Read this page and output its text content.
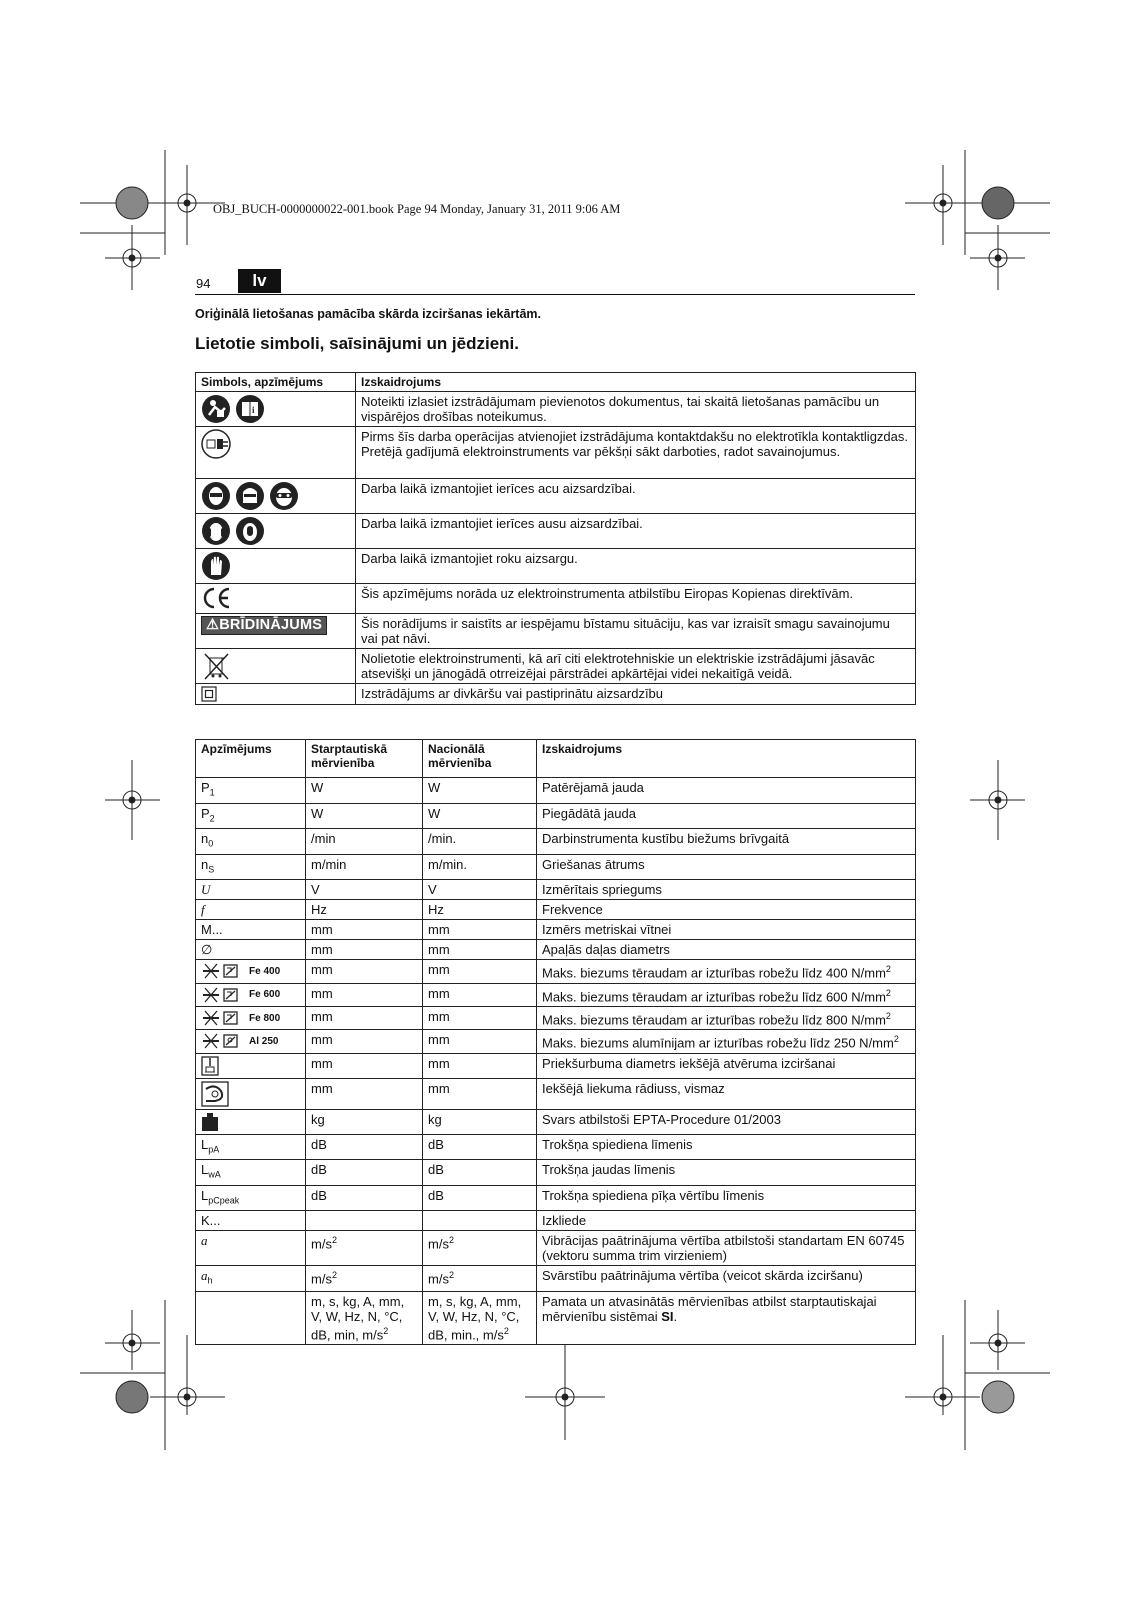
OBJ_BUCH-0000000022-001.book Page 94 Monday, January 31, 2011 9:06 AM
94	lv
Oriģinālā lietošanas pamācība skārda izciršanas iekārtām.
Lietotie simboli, saīsinājumi un jēdzieni.
Simbols, apzīmējums	Izskaidrojums

i	Noteikti izlasiet izstrādājumam pievienotos dokumentus, tai skaitā lietošanas pamācību un vispārējos drošības noteikumus.

	Pirms šīs darba operācijas atvienojiet izstrādājuma kontaktdakšu no elektrotīkla kontaktligzdas. Pretējā gadījumā elektroinstruments var pēkšņi sākt darboties, radot savainojumus.

	Darba laikā izmantojiet ierīces acu aizsardzībai.

	Darba laikā izmantojiet ierīces ausu aizsardzībai.

	Darba laikā izmantojiet roku aizsargu.

	Šis apzīmējums norāda uz elektroinstrumenta atbilstību Eiropas Kopienas direktīvām.
⚠BRĪDINĀJUMS	Šis norādījums ir saistīts ar iespējamu bīstamu situāciju, kas var izraisīt smagu savainojumu vai pat nāvi.

	Nolietotie elektroinstrumenti, kā arī citi elektrotehniskie un elektriskie izstrādājumi jāsavāc atsevišķi un jānogādā otrreizējai pārstrādei apkārtējai videi nekaitīgā veidā.

	Izstrādājums ar divkāršu vai pastiprinātu aizsardzību
Apzīmējums	Starptautiskā mērvienība	Nacionālā mērvienība	Izskaidrojums
$P_1$	W	W	Patērējamā jauda
$P_2$	W	W	Piegādātā jauda
$n_0$	/min	/min.	Darbinstrumenta kustību biežums brīvgaitā
$n_S$	m/min	m/min.	Griešanas ātrums
U	V	V	Izmērītais spriegums
f	Hz	Hz	Frekvence
M...	mm	mm	Izmērs metriskai vītnei
∅	mm	mm	Apaļās daļas diametrs

Fe 400	mm	mm	Maks. biezums tēraudam ar izturības robežu līdz 400 $N/mm^2$

Fe 600	mm	mm	Maks. biezums tēraudam ar izturības robežu līdz 600 $N/mm^2$

Fe 800	mm	mm	Maks. biezums tēraudam ar izturības robežu līdz 800 $N/mm^2$

Al 250	mm	mm	Maks. biezums alumīnijam ar izturības robežu līdz 250 $N/mm^2$

	mm	mm	Priekšurbuma diametrs iekšējā atvēruma izciršanai

	mm	mm	Iekšējā liekuma rādiuss, vismaz

	kg	kg	Svars atbilstoši EPTA-Procedure 01/2003
$L_{pA}$	dB	dB	Trokšņa spiediena līmenis
$L_{wA}$	dB	dB	Trokšņa jaudas līmenis
$L_{pCpeak}$	dB	dB	Trokšņa spiediena pīķa vērtību līmenis
K...			Izkliede
a	$m/s^2$	$m/s^2$	Vibrācijas paātrinājuma vērtība atbilstoši standartam EN 60745 (vektoru summa trim virzieniem)
$a_h$	$m/s^2$	$m/s^2$	Svārstību paātrinājuma vērtība (veicot skārda izciršanu)
	m, s, kg, A, mm, V, W, Hz, N, °C, dB, min, $m/s^2$	m, s, kg, A, mm, V, W, Hz, N, °C, dB, min., $m/s^2$	Pamata un atvasinātās mērvienības atbilst starptautiskajai mērvienību sistēmai SI.
